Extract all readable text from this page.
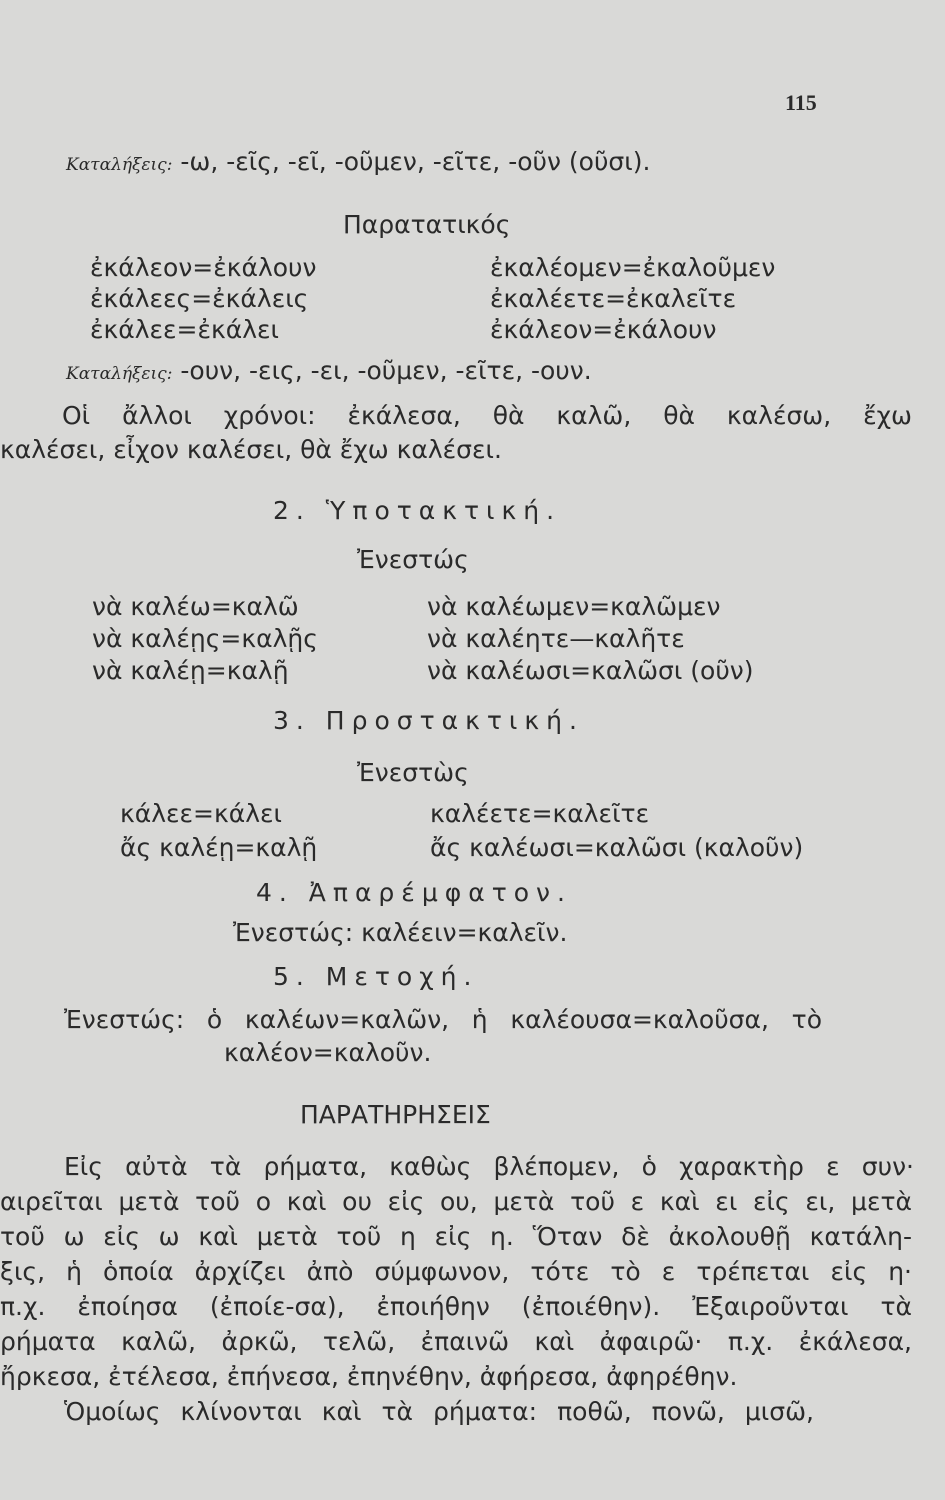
115
Καταλήξεις: -ω, -εῖς, -εῖ, -οῦμεν, -εῖτε, -οῦν (οῦσι).
Παρατατικός
ἐκάλεον=ἐκάλουν
ἐκάλεες=ἐκάλεις
ἐκάλεε=ἐκάλει
ἐκαλέομεν=ἐκαλοῦμεν
ἐκαλέετε=ἐκαλεῖτε
ἐκάλεον=ἐκάλουν
Καταλήξεις: -ουν, -εις, -ει, -οῦμεν, -εῖτε, -ουν.
Οἱ ἄλλοι χρόνοι: ἐκάλεσα, θὰ καλῶ, θὰ καλέσω, ἔχω
καλέσει, εἶχον καλέσει, θὰ ἔχω καλέσει.
2. Ὑποτακτική.
Ἐνεστώς
νὰ καλέω=καλῶ
νὰ καλέῃς=καλῇς
νὰ καλέῃ=καλῇ
νὰ καλέωμεν=καλῶμεν
νὰ καλέητε—καλῆτε
νὰ καλέωσι=καλῶσι (οῦν)
3. Προστακτική.
Ἐνεστὼς
κάλεε=κάλει
ἄς καλέῃ=καλῇ
καλέετε=καλεῖτε
ἄς καλέωσι=καλῶσι (καλοῦν)
4. Ἀπαρέμφατον.
Ἐνεστώς: καλέειν=καλεῖν.
5. Μετοχή.
Ἐνεστώς: ὁ καλέων=καλῶν, ἡ καλέουσα=καλοῦσα, τὸ
καλέον=καλοῦν.
ΠΑΡΑΤΗΡΗΣΕΙΣ
Εἰς αὐτὰ τὰ ρήματα, καθὼς βλέπομεν, ὁ χαρακτὴρ ε συν·
αιρεῖται μετὰ τοῦ ο καὶ ου εἰς ου, μετὰ τοῦ ε καὶ ει εἰς ει, μετὰ
τοῦ ω εἰς ω καὶ μετὰ τοῦ η εἰς η. Ὅταν δὲ ἀκολουθῇ κατάλη-
ξις, ἡ ὁποία ἀρχίζει ἀπὸ σύμφωνον, τότε τὸ ε τρέπεται εἰς η·
π.χ. ἐποίησα (ἐποίε-σα), ἐποιήθην (ἐποιέθην). Ἐξαιροῦνται τὰ
ρήματα καλῶ, ἀρκῶ, τελῶ, ἐπαινῶ καὶ ἀφαιρῶ· π.χ. ἐκάλεσα,
ἤρκεσα, ἐτέλεσα, ἐπήνεσα, ἐπηνέθην, ἀφήρεσα, ἀφηρέθην.
Ὁμοίως κλίνονται καὶ τὰ ρήματα: ποθῶ, πονῶ, μισῶ,
